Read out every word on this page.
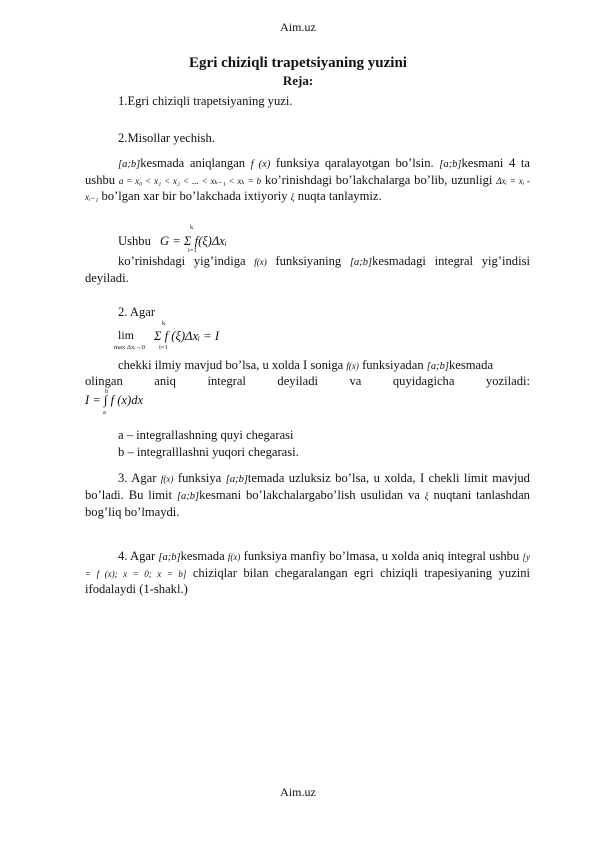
Aim.uz
Egri chiziqli trapetsiyaning yuzini
Reja:
1.Egri chiziqli trapetsiyaning yuzi.
2.Misollar yechish.
[a;b]kesmada aniqlangan f (x) funksiya qaralayotgan bo’lsin. [a;b]kesmani 4 ta ushbu a = x₀ < x₁ < x₂ < ... < xₖ₋₁ < xₖ = b ko’rinishdagi bo’lakchalarga bo’lib, uzunligi Δxᵢ = xᵢ - xᵢ₋₁ bo’lgan xar bir bo’lakchada ixtiyoriy ξ nuqta tanlaymiz.
Ushbu
k
G = Σ f(ξ)Δxᵢ
i=1
ko’rinishdagi yig’indiga f(x) funksiyaning [a;b]kesmadagi integral yig’indisi deyiladi.
2. Agar
lim
max Δxᵢ→0
k
Σ f (ξ)Δxᵢ = I
i=1
chekki ilmiy mavjud bo’lsa, u xolda I soniga f(x) funksiyadan [a;b]kesmada
olingan aniq integral deyiladi va quyidagicha yoziladi:
b
I = ∫ f (x)dx
a
a – integrallashning quyi chegarasi
b – integralllashni yuqori chegarasi.
3. Agar f(x) funksiya [a;b]temada uzluksiz bo’lsa, u xolda, I chekli limit mavjud bo’ladi. Bu limit [a;b]kesmani bo’lakchalargabo’lish usulidan va ξ nuqtani tanlashdan bog’liq bo’lmaydi.
4. Agar [a;b]kesmada f(x) funksiya manfiy bo’lmasa, u xolda aniq integral ushbu [y = f (x); x = 0; x = b] chiziqlar bilan chegaralangan egri chiziqli trapesiyaning yuzini ifodalaydi (1-shakl.)
Aim.uz
